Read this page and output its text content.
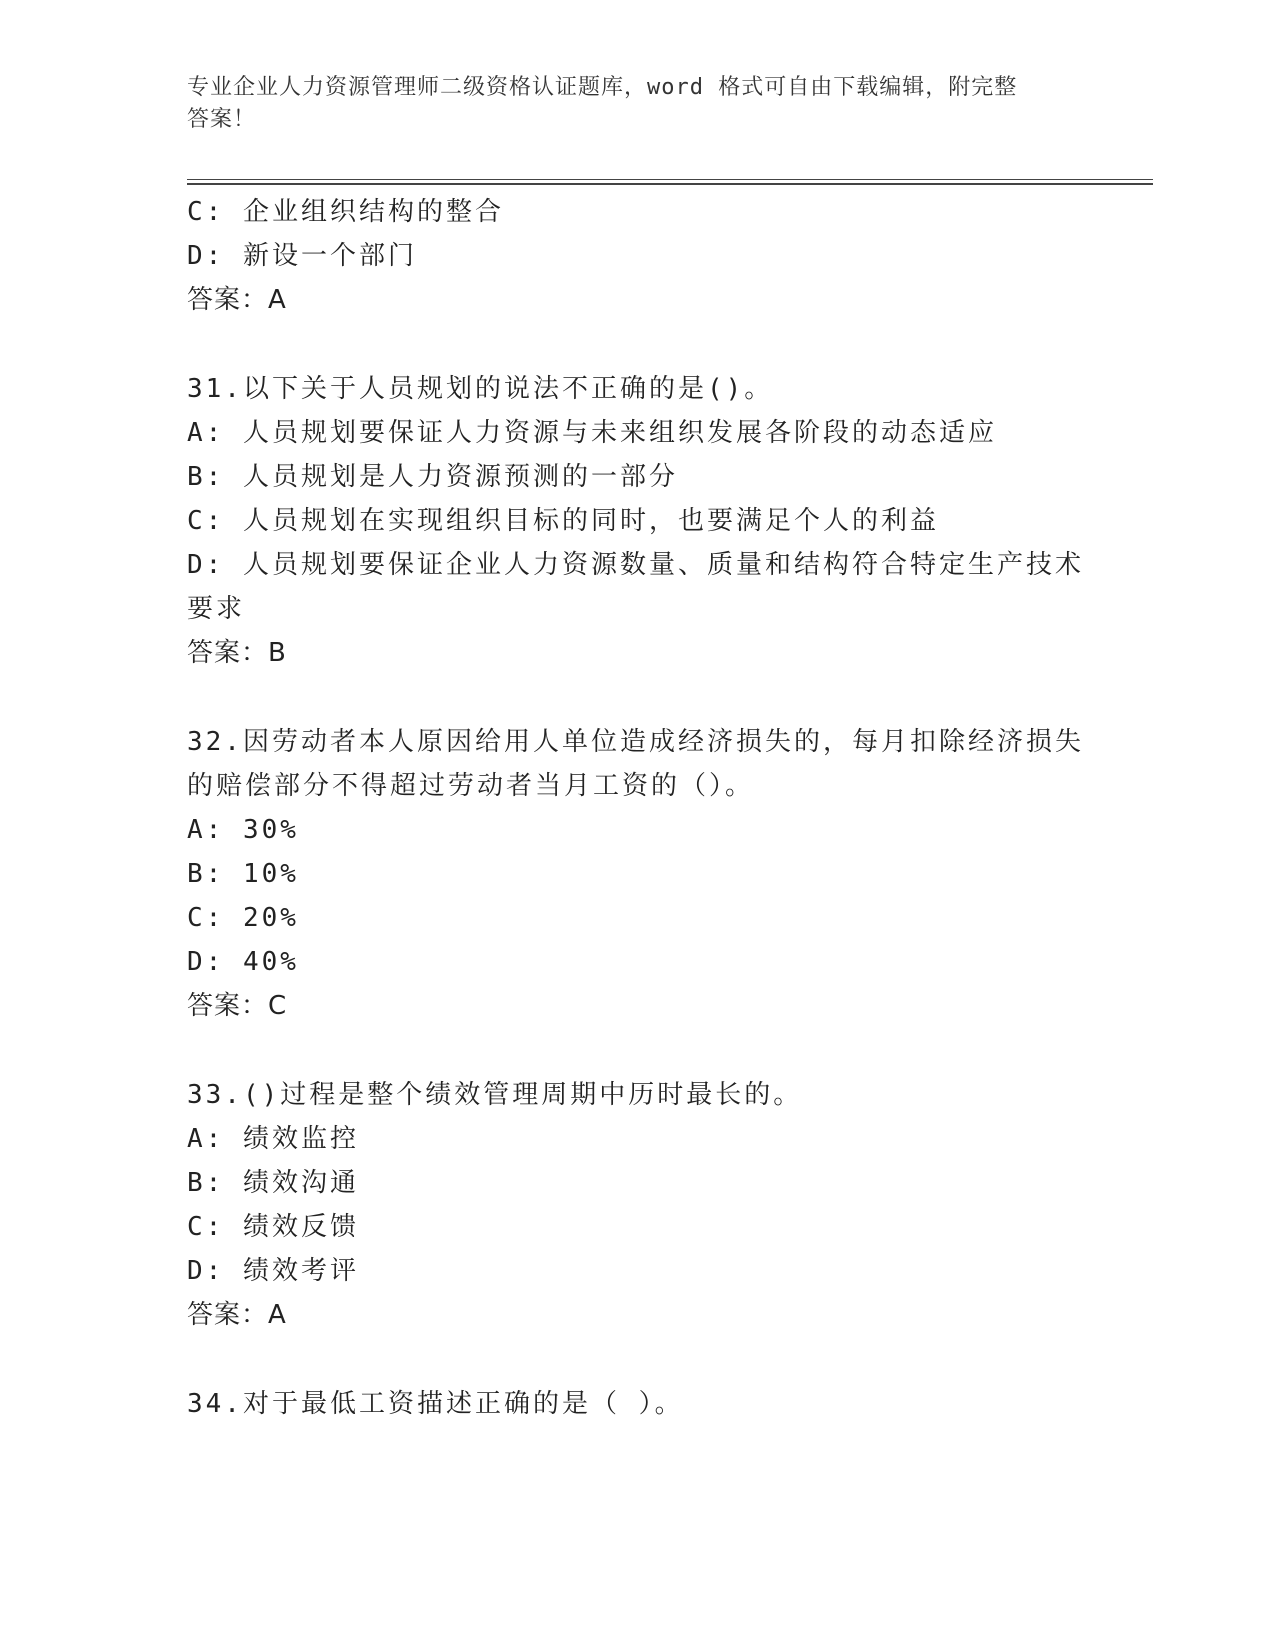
专业企业人力资源管理师二级资格认证题库，word 格式可自由下载编辑，附完整
答案！
C: 企业组织结构的整合
D: 新设一个部门
答案：A
31.以下关于人员规划的说法不正确的是()。
A: 人员规划要保证人力资源与未来组织发展各阶段的动态适应
B: 人员规划是人力资源预测的一部分
C: 人员规划在实现组织目标的同时，也要满足个人的利益
D: 人员规划要保证企业人力资源数量、质量和结构符合特定生产技术
要求
答案：B
32.因劳动者本人原因给用人单位造成经济损失的，每月扣除经济损失
的赔偿部分不得超过劳动者当月工资的（）。
A: 30%
B: 10%
C: 20%
D: 40%
答案：C
33.()过程是整个绩效管理周期中历时最长的。
A: 绩效监控
B: 绩效沟通
C: 绩效反馈
D: 绩效考评
答案：A
34.对于最低工资描述正确的是（ ）。
